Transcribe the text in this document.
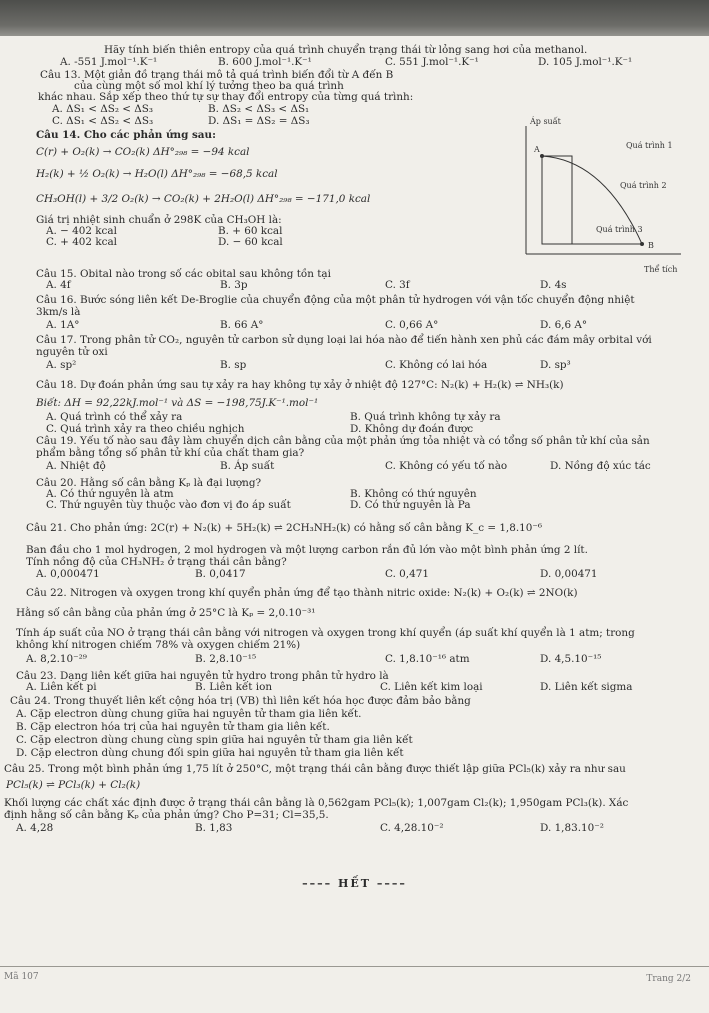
Hãy tính biến thiên entropy của quá trình chuyển trạng thái từ lỏng sang hơi của methanol.
A. -551 J.mol⁻¹.K⁻¹	B. 600 J.mol⁻¹.K⁻¹	C. 551 J.mol⁻¹.K⁻¹	D. 105 J.mol⁻¹.K⁻¹
Câu 13. Một giản đồ trạng thái mô tả quá trình biến đổi từ A đến B
của cùng một số mol khí lý tưởng theo ba quá trình
khác nhau. Sắp xếp theo thứ tự sự thay đổi entropy của từng quá trình:
A. ΔS₁ < ΔS₂ < ΔS₃	B. ΔS₂ < ΔS₃ < ΔS₁
C. ΔS₁ < ΔS₂ < ΔS₃	D. ΔS₁ = ΔS₂ = ΔS₃	Áp suất
A
B
Quá trình 1
Quá trình 2
Quá trình 3
Thể tích
Câu 14. Cho các phản ứng sau:
C(r) + O₂(k) → CO₂(k) ΔH°₂₉₈ = −94 kcal
H₂(k) + ½ O₂(k) → H₂O(l) ΔH°₂₉₈ = −68,5 kcal
CH₃OH(l) + 3/2 O₂(k) → CO₂(k) + 2H₂O(l) ΔH°₂₉₈ = −171,0 kcal
Giá trị nhiệt sinh chuẩn ở 298K của CH₃OH là:
A. − 402 kcal	B. + 60 kcal
C. + 402 kcal	D. − 60 kcal
Câu 15. Obital nào trong số các obital sau không tồn tại
A. 4f	B. 3p	C. 3f	D. 4s
Câu 16. Bước sóng liên kết De-Broglie của chuyển động của một phân tử hydrogen với vận tốc chuyển động nhiệt
3km/s là
A. 1A°	B. 66 A°	C. 0,66 A°	D. 6,6 A°
Câu 17. Trong phân tử CO₂, nguyên tử carbon sử dụng loại lai hóa nào để tiến hành xen phủ các đám mây orbital với
nguyên tử oxi
A. sp²	B. sp	C. Không có lai hóa	D. sp³
Câu 18. Dự đoán phản ứng sau tự xảy ra hay không tự xảy ở nhiệt độ 127°C: N₂(k) + H₂(k) ⇌ NH₃(k)
Biết: ΔH = 92,22kJ.mol⁻¹ và ΔS = −198,75J.K⁻¹.mol⁻¹
A. Quá trình có thể xảy ra	B. Quá trình không tự xảy ra
C. Quá trình xảy ra theo chiều nghịch	D. Không dự đoán được
Câu 19. Yếu tố nào sau đây làm chuyển dịch cân bằng của một phản ứng tỏa nhiệt và có tổng số phân tử khí của sản
phẩm bằng tổng số phân tử khí của chất tham gia?
A. Nhiệt độ	B. Áp suất	C. Không có yếu tố nào	D. Nồng độ xúc tác
Câu 20. Hằng số cân bằng Kₚ là đại lượng?
A. Có thứ nguyên là atm	B. Không có thứ nguyên
C. Thứ nguyên tùy thuộc vào đơn vị đo áp suất	D. Có thứ nguyên là Pa
Câu 21. Cho phản ứng: 2C(r) + N₂(k) + 5H₂(k) ⇌ 2CH₃NH₂(k) có hằng số cân bằng K_c = 1,8.10⁻⁶
Ban đầu cho 1 mol hydrogen, 2 mol hydrogen và một lượng carbon rắn đủ lớn vào một bình phản ứng 2 lít.
Tính nồng độ của CH₃NH₂ ở trạng thái cân bằng?
A. 0,000471	B. 0,0417	C. 0,471	D. 0,00471
Câu 22. Nitrogen và oxygen trong khí quyển phản ứng để tạo thành nitric oxide: N₂(k) + O₂(k) ⇌ 2NO(k)
Hằng số cân bằng của phản ứng ở 25°C là Kₚ = 2,0.10⁻³¹
Tính áp suất của NO ở trạng thái cân bằng với nitrogen và oxygen trong khí quyển (áp suất khí quyển là 1 atm; trong
không khí nitrogen chiếm 78% và oxygen chiếm 21%)
A. 8,2.10⁻²⁹	B. 2,8.10⁻¹⁵	C. 1,8.10⁻¹⁶ atm	D. 4,5.10⁻¹⁵
Câu 23. Dạng liên kết giữa hai nguyên tử hydro trong phân tử hydro là
A. Liên kết pi	B. Liên kết ion	C. Liên kết kim loại	D. Liên kết sigma
Câu 24. Trong thuyết liên kết cộng hóa trị (VB) thì liên kết hóa học được đảm bảo bằng
A. Cặp electron dùng chung giữa hai nguyên tử tham gia liên kết.
B. Cặp electron hóa trị của hai nguyên tử tham gia liên kết.
C. Cặp electron dùng chung cùng spin giữa hai nguyên tử tham gia liên kết
D. Cặp electron dùng chung đối spin giữa hai nguyên tử tham gia liên kết
Câu 25. Trong một bình phản ứng 1,75 lít ở 250°C, một trạng thái cân bằng được thiết lập giữa PCl₅(k) xảy ra như sau
PCl₅(k) ⇌ PCl₃(k) + Cl₂(k)
Khối lượng các chất xác định được ở trạng thái cân bằng là 0,562gam PCl₅(k); 1,007gam Cl₂(k); 1,950gam PCl₃(k). Xác
định hằng số cân bằng Kₚ của phản ứng? Cho P=31; Cl=35,5.
A. 4,28	B. 1,83	C. 4,28.10⁻²	D. 1,83.10⁻²
–––– HẾT ––––
Mã 107	Trang 2/2
